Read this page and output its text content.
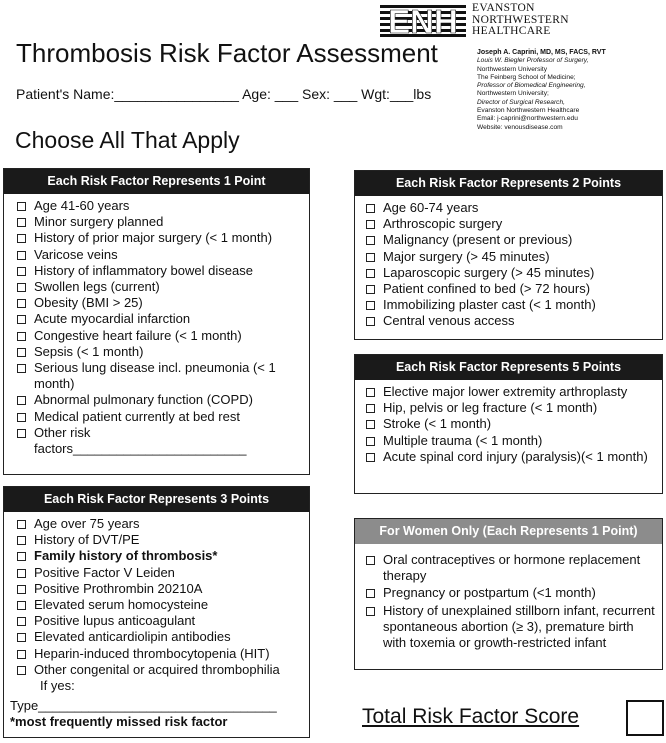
ENH EVANSTON
NORTHWESTERN
HEALTHCARE
Thrombosis Risk Factor Assessment	Joseph A. Caprini, MD, MS, FACS, RVT
Louis W. Biegler Professor of Surgery,
Northwestern University
The Feinberg School of Medicine;
Professor of Biomedical Engineering,
Northwestern University;
Director of Surgical Research,
Evanston Northwestern Healthcare
Email: j-caprini@northwestern.edu
Website: venousdisease.com
Patient's Name:________________ Age: ___ Sex: ___ Wgt:___lbs
Choose All That Apply
Each Risk Factor Represents 1 Point
Age 41-60 years
Minor surgery planned
History of prior major surgery (< 1 month)
Varicose veins
History of inflammatory bowel disease
Swollen legs (current)
Obesity (BMI > 25)
Acute myocardial infarction
Congestive heart failure (< 1 month)
Sepsis (< 1 month)
Serious lung disease incl. pneumonia (< 1 month)
Abnormal pulmonary function (COPD)
Medical patient currently at bed rest
Other risk factors________________________
Each Risk Factor Represents 2 Points
Age 60-74 years
Arthroscopic surgery
Malignancy (present or previous)
Major surgery (> 45 minutes)
Laparoscopic surgery (> 45 minutes)
Patient confined to bed (> 72 hours)
Immobilizing plaster cast (< 1 month)
Central venous access
Each Risk Factor Represents 5 Points
Elective major lower extremity arthroplasty
Hip, pelvis or leg fracture (< 1 month)
Stroke (< 1 month)
Multiple trauma (< 1 month)
Acute spinal cord injury (paralysis)(< 1 month)
Each Risk Factor Represents 3 Points
Age over 75 years
History of DVT/PE
Family history of thrombosis*
Positive Factor V Leiden
Positive Prothrombin 20210A
Elevated serum homocysteine
Positive lupus anticoagulant
Elevated anticardiolipin antibodies
Heparin-induced thrombocytopenia (HIT)
Other congenital or acquired thrombophilia
If yes:
Type_________________________________
*most frequently missed risk factor
For Women Only (Each Represents 1 Point)
Oral contraceptives or hormone replacement therapy
Pregnancy or postpartum (<1 month)
History of unexplained stillborn infant, recurrent spontaneous abortion (≥ 3), premature birth with toxemia or growth-restricted infant
Total Risk Factor Score
